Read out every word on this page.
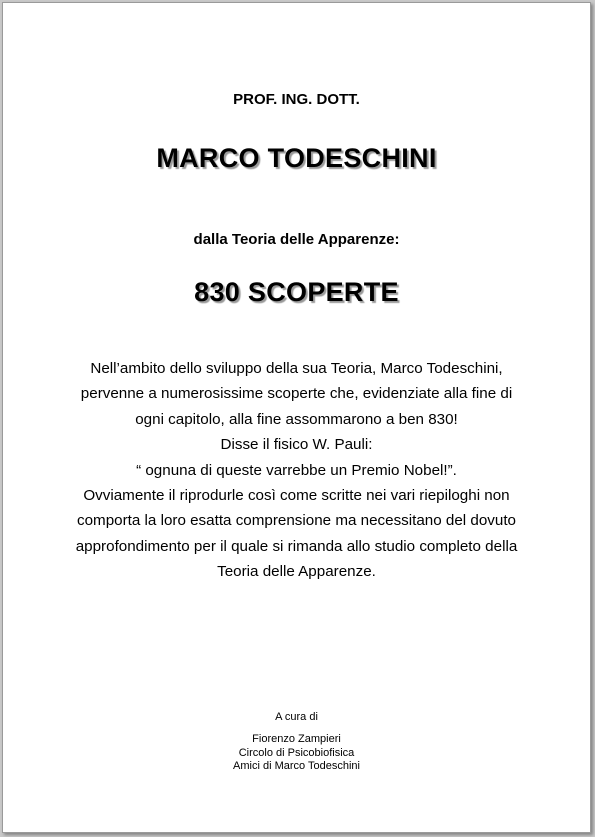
PROF. ING. DOTT.
MARCO TODESCHINI
dalla Teoria delle Apparenze:
830 SCOPERTE
Nell’ambito dello sviluppo della sua Teoria, Marco Todeschini,
pervenne a numerosissime scoperte che, evidenziate alla fine di
ogni capitolo, alla fine assommarono a ben 830!
Disse il fisico W. Pauli:
“ ognuna di queste varrebbe un Premio Nobel!”.
Ovviamente il riprodurle così come scritte nei vari riepiloghi non
comporta la loro esatta comprensione ma necessitano del dovuto
approfondimento per il quale si rimanda allo studio completo della
Teoria delle Apparenze.
A cura di
Fiorenzo Zampieri
Circolo di Psicobiofisica
Amici di Marco Todeschini
